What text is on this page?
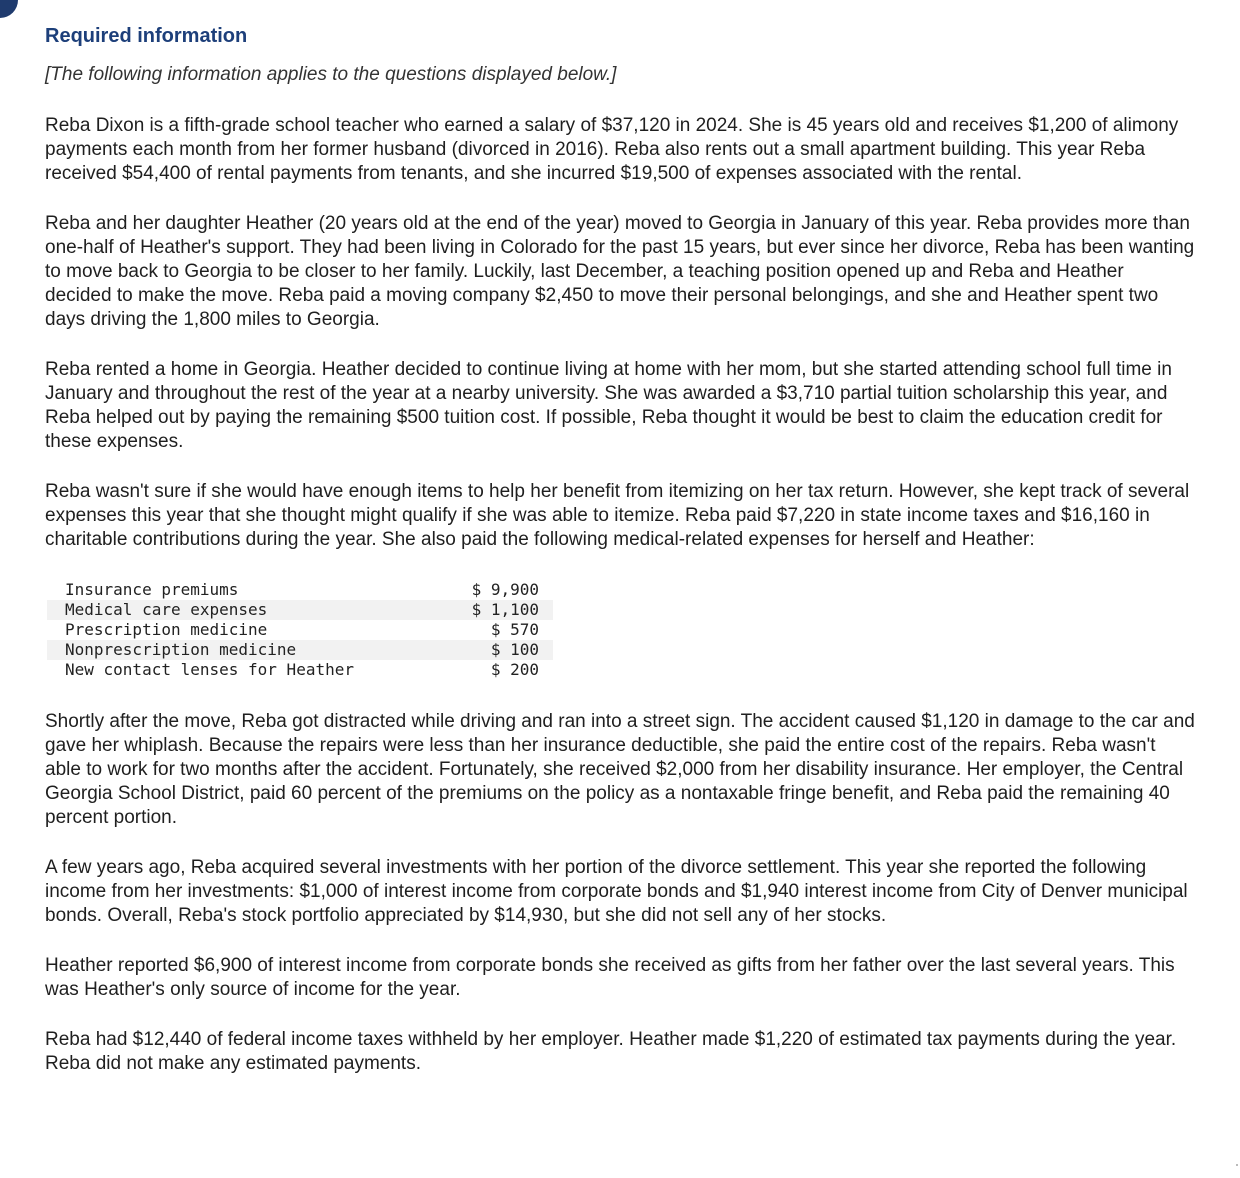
Required information

[The following information applies to the questions displayed below.]

Reba Dixon is a fifth-grade school teacher who earned a salary of $37,120 in 2024. She is 45 years old and receives $1,200 of alimony payments each month from her former husband (divorced in 2016). Reba also rents out a small apartment building. This year Reba received $54,400 of rental payments from tenants, and she incurred $19,500 of expenses associated with the rental.

Reba and her daughter Heather (20 years old at the end of the year) moved to Georgia in January of this year. Reba provides more than one-half of Heather's support. They had been living in Colorado for the past 15 years, but ever since her divorce, Reba has been wanting to move back to Georgia to be closer to her family. Luckily, last December, a teaching position opened up and Reba and Heather decided to make the move. Reba paid a moving company $2,450 to move their personal belongings, and she and Heather spent two days driving the 1,800 miles to Georgia.

Reba rented a home in Georgia. Heather decided to continue living at home with her mom, but she started attending school full time in January and throughout the rest of the year at a nearby university. She was awarded a $3,710 partial tuition scholarship this year, and Reba helped out by paying the remaining $500 tuition cost. If possible, Reba thought it would be best to claim the education credit for these expenses.

Reba wasn't sure if she would have enough items to help her benefit from itemizing on her tax return. However, she kept track of several expenses this year that she thought might qualify if she was able to itemize. Reba paid $7,220 in state income taxes and $16,160 in charitable contributions during the year. She also paid the following medical-related expenses for herself and Heather:

Insurance premiums	$ 9,900
Medical care expenses	$ 1,100
Prescription medicine	$ 570
Nonprescription medicine	$ 100
New contact lenses for Heather	$ 200

Shortly after the move, Reba got distracted while driving and ran into a street sign. The accident caused $1,120 in damage to the car and gave her whiplash. Because the repairs were less than her insurance deductible, she paid the entire cost of the repairs. Reba wasn't able to work for two months after the accident. Fortunately, she received $2,000 from her disability insurance. Her employer, the Central Georgia School District, paid 60 percent of the premiums on the policy as a nontaxable fringe benefit, and Reba paid the remaining 40 percent portion.

A few years ago, Reba acquired several investments with her portion of the divorce settlement. This year she reported the following income from her investments: $1,000 of interest income from corporate bonds and $1,940 interest income from City of Denver municipal bonds. Overall, Reba's stock portfolio appreciated by $14,930, but she did not sell any of her stocks.

Heather reported $6,900 of interest income from corporate bonds she received as gifts from her father over the last several years. This was Heather's only source of income for the year.

Reba had $12,440 of federal income taxes withheld by her employer. Heather made $1,220 of estimated tax payments during the year. Reba did not make any estimated payments.
